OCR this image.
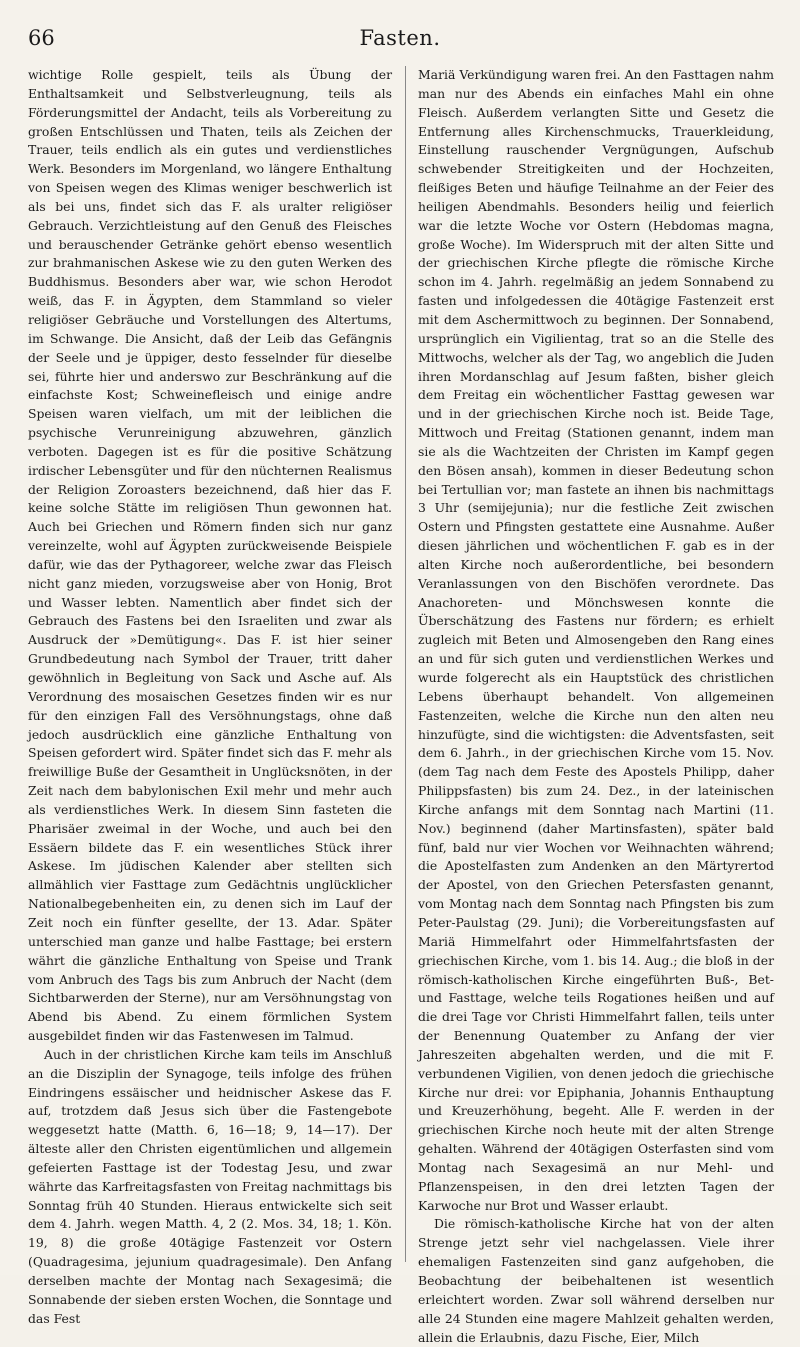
66	Fasten.

wichtige Rolle gespielt, teils als Übung der Enthaltsamkeit und Selbstverleugnung, teils als Förderungsmittel der Andacht, teils als Vorbereitung zu großen Entschlüssen und Thaten, teils als Zeichen der Trauer, teils endlich als ein gutes und verdienstliches Werk. Besonders im Morgenland, wo längere Enthaltung von Speisen wegen des Klimas weniger beschwerlich ist als bei uns, findet sich das F. als uralter religiöser Gebrauch. Verzichtleistung auf den Genuß des Fleisches und berauschender Getränke gehört ebenso wesentlich zur brahmanischen Askese wie zu den guten Werken des Buddhismus. Besonders aber war, wie schon Herodot weiß, das F. in Ägypten, dem Stammland so vieler religiöser Gebräuche und Vorstellungen des Altertums, im Schwange. Die Ansicht, daß der Leib das Gefängnis der Seele und je üppiger, desto fesselnder für dieselbe sei, führte hier und anderswo zur Beschränkung auf die einfachste Kost; Schweinefleisch und einige andre Speisen waren vielfach, um mit der leiblichen die psychische Verunreinigung abzuwehren, gänzlich verboten. Dagegen ist es für die positive Schätzung irdischer Lebensgüter und für den nüchternen Realismus der Religion Zoroasters bezeichnend, daß hier das F. keine solche Stätte im religiösen Thun gewonnen hat. Auch bei Griechen und Römern finden sich nur ganz vereinzelte, wohl auf Ägypten zurückweisende Beispiele dafür, wie das der Pythagoreer, welche zwar das Fleisch nicht ganz mieden, vorzugsweise aber von Honig, Brot und Wasser lebten. Namentlich aber findet sich der Gebrauch des Fastens bei den Israeliten und zwar als Ausdruck der »Demütigung«. Das F. ist hier seiner Grundbedeutung nach Symbol der Trauer, tritt daher gewöhnlich in Begleitung von Sack und Asche auf. Als Verordnung des mosaischen Gesetzes finden wir es nur für den einzigen Fall des Versöhnungstags, ohne daß jedoch ausdrücklich eine gänzliche Enthaltung von Speisen gefordert wird. Später findet sich das F. mehr als freiwillige Buße der Gesamtheit in Unglücksnöten, in der Zeit nach dem babylonischen Exil mehr und mehr auch als verdienstliches Werk. In diesem Sinn fasteten die Pharisäer zweimal in der Woche, und auch bei den Essäern bildete das F. ein wesentliches Stück ihrer Askese. Im jüdischen Kalender aber stellten sich allmählich vier Fasttage zum Gedächtnis unglücklicher Nationalbegebenheiten ein, zu denen sich im Lauf der Zeit noch ein fünfter gesellte, der 13. Adar. Später unterschied man ganze und halbe Fasttage; bei erstern währt die gänzliche Enthaltung von Speise und Trank vom Anbruch des Tags bis zum Anbruch der Nacht (dem Sichtbarwerden der Sterne), nur am Versöhnungstag von Abend bis Abend. Zu einem förmlichen System ausgebildet finden wir das Fastenwesen im Talmud.

Auch in der christlichen Kirche kam teils im Anschluß an die Disziplin der Synagoge, teils infolge des frühen Eindringens essäischer und heidnischer Askese das F. auf, trotzdem daß Jesus sich über die Fastengebote weggesetzt hatte (Matth. 6, 16—18; 9, 14—17). Der älteste aller den Christen eigentümlichen und allgemein gefeierten Fasttage ist der Todestag Jesu, und zwar währte das Karfreitagsfasten von Freitag nachmittags bis Sonntag früh 40 Stunden. Hieraus entwickelte sich seit dem 4. Jahrh. wegen Matth. 4, 2 (2. Mos. 34, 18; 1. Kön. 19, 8) die große 40tägige Fastenzeit vor Ostern (Quadragesima, jejunium quadragesimale). Den Anfang derselben machte der Montag nach Sexagesimä; die Sonnabende der sieben ersten Wochen, die Sonntage und das Fest

Mariä Verkündigung waren frei. An den Fasttagen nahm man nur des Abends ein einfaches Mahl ein ohne Fleisch. Außerdem verlangten Sitte und Gesetz die Entfernung alles Kirchenschmucks, Trauerkleidung, Einstellung rauschender Vergnügungen, Aufschub schwebender Streitigkeiten und der Hochzeiten, fleißiges Beten und häufige Teilnahme an der Feier des heiligen Abendmahls. Besonders heilig und feierlich war die letzte Woche vor Ostern (Hebdomas magna, große Woche). Im Widerspruch mit der alten Sitte und der griechischen Kirche pflegte die römische Kirche schon im 4. Jahrh. regelmäßig an jedem Sonnabend zu fasten und infolgedessen die 40tägige Fastenzeit erst mit dem Aschermittwoch zu beginnen. Der Sonnabend, ursprünglich ein Vigilientag, trat so an die Stelle des Mittwochs, welcher als der Tag, wo angeblich die Juden ihren Mordanschlag auf Jesum faßten, bisher gleich dem Freitag ein wöchentlicher Fasttag gewesen war und in der griechischen Kirche noch ist. Beide Tage, Mittwoch und Freitag (Stationen genannt, indem man sie als die Wachtzeiten der Christen im Kampf gegen den Bösen ansah), kommen in dieser Bedeutung schon bei Tertullian vor; man fastete an ihnen bis nachmittags 3 Uhr (semijejunia); nur die festliche Zeit zwischen Ostern und Pfingsten gestattete eine Ausnahme. Außer diesen jährlichen und wöchentlichen F. gab es in der alten Kirche noch außerordentliche, bei besondern Veranlassungen von den Bischöfen verordnete. Das Anachoreten- und Mönchswesen konnte die Überschätzung des Fastens nur fördern; es erhielt zugleich mit Beten und Almosengeben den Rang eines an und für sich guten und verdienstlichen Werkes und wurde folgerecht als ein Hauptstück des christlichen Lebens überhaupt behandelt. Von allgemeinen Fastenzeiten, welche die Kirche nun den alten neu hinzufügte, sind die wichtigsten: die Adventsfasten, seit dem 6. Jahrh., in der griechischen Kirche vom 15. Nov. (dem Tag nach dem Feste des Apostels Philipp, daher Philippsfasten) bis zum 24. Dez., in der lateinischen Kirche anfangs mit dem Sonntag nach Martini (11. Nov.) beginnend (daher Martinsfasten), später bald fünf, bald nur vier Wochen vor Weihnachten während; die Apostelfasten zum Andenken an den Märtyrertod der Apostel, von den Griechen Petersfasten genannt, vom Montag nach dem Sonntag nach Pfingsten bis zum Peter-Paulstag (29. Juni); die Vorbereitungsfasten auf Mariä Himmelfahrt oder Himmelfahrtsfasten der griechischen Kirche, vom 1. bis 14. Aug.; die bloß in der römisch-katholischen Kirche eingeführten Buß-, Bet- und Fasttage, welche teils Rogationes heißen und auf die drei Tage vor Christi Himmelfahrt fallen, teils unter der Benennung Quatember zu Anfang der vier Jahreszeiten abgehalten werden, und die mit F. verbundenen Vigilien, von denen jedoch die griechische Kirche nur drei: vor Epiphania, Johannis Enthauptung und Kreuzerhöhung, begeht. Alle F. werden in der griechischen Kirche noch heute mit der alten Strenge gehalten. Während der 40tägigen Osterfasten sind vom Montag nach Sexagesimä an nur Mehl- und Pflanzenspeisen, in den drei letzten Tagen der Karwoche nur Brot und Wasser erlaubt.

Die römisch-katholische Kirche hat von der alten Strenge jetzt sehr viel nachgelassen. Viele ihrer ehemaligen Fastenzeiten sind ganz aufgehoben, die Beobachtung der beibehaltenen ist wesentlich erleichtert worden. Zwar soll während derselben nur alle 24 Stunden eine magere Mahlzeit gehalten werden, allein die Erlaubnis, dazu Fische, Eier, Milch
